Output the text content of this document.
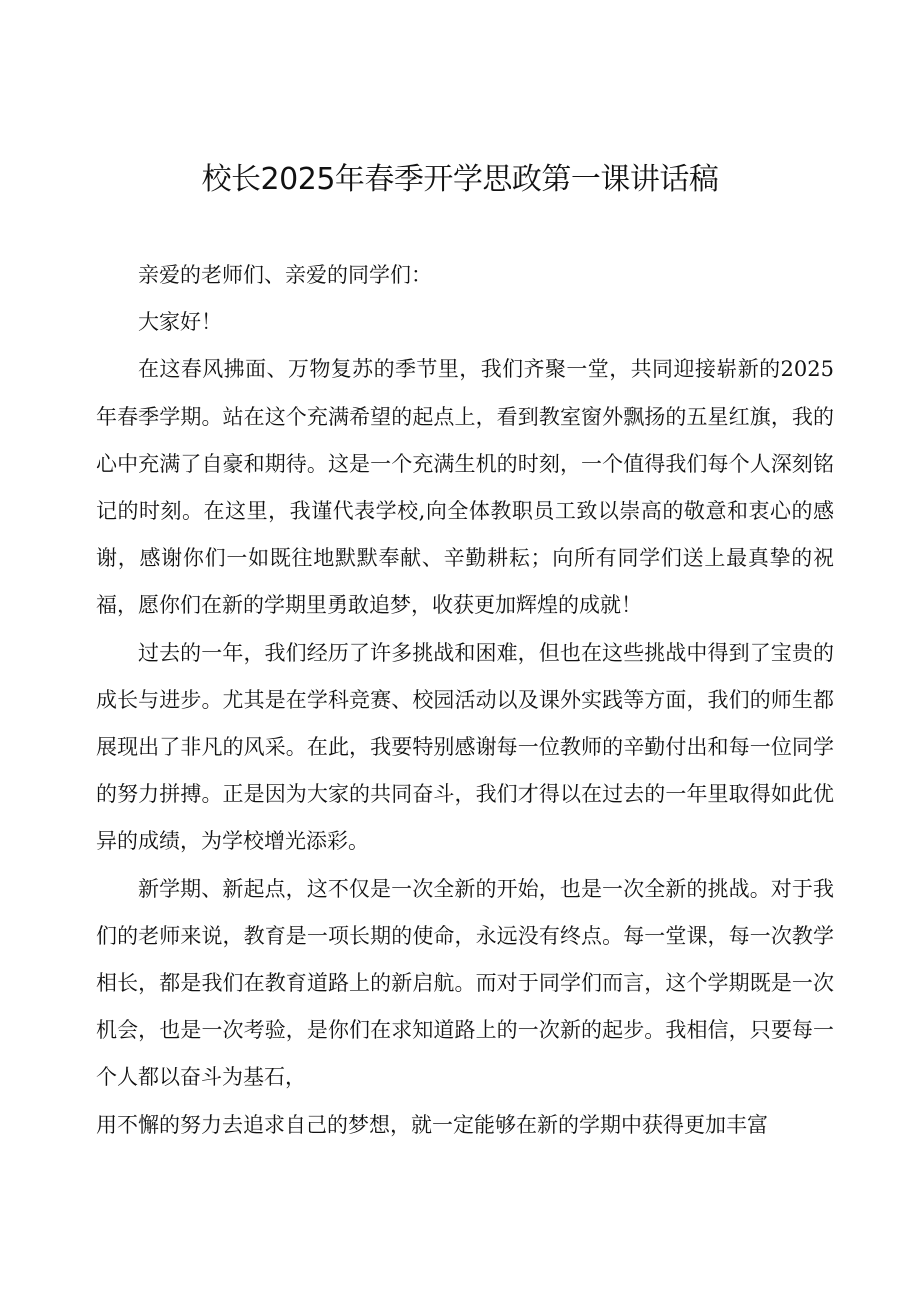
校长2025年春季开学思政第一课讲话稿

亲爱的老师们、亲爱的同学们：

大家好！

在这春风拂面、万物复苏的季节里，我们齐聚一堂，共同迎接崭新的2025年春季学期。站在这个充满希望的起点上，看到教室窗外飘扬的五星红旗，我的心中充满了自豪和期待。这是一个充满生机的时刻，一个值得我们每个人深刻铭记的时刻。在这里，我谨代表学校,向全体教职员工致以崇高的敬意和衷心的感谢，感谢你们一如既往地默默奉献、辛勤耕耘；向所有同学们送上最真挚的祝福，愿你们在新的学期里勇敢追梦，收获更加辉煌的成就！

过去的一年，我们经历了许多挑战和困难，但也在这些挑战中得到了宝贵的成长与进步。尤其是在学科竞赛、校园活动以及课外实践等方面，我们的师生都展现出了非凡的风采。在此，我要特别感谢每一位教师的辛勤付出和每一位同学的努力拼搏。正是因为大家的共同奋斗，我们才得以在过去的一年里取得如此优异的成绩，为学校增光添彩。

新学期、新起点，这不仅是一次全新的开始，也是一次全新的挑战。对于我们的老师来说，教育是一项长期的使命，永远没有终点。每一堂课，每一次教学相长，都是我们在教育道路上的新启航。而对于同学们而言，这个学期既是一次机会，也是一次考验，是你们在求知道路上的一次新的起步。我相信，只要每一个人都以奋斗为基石，

用不懈的努力去追求自己的梦想，就一定能够在新的学期中获得更加丰富
